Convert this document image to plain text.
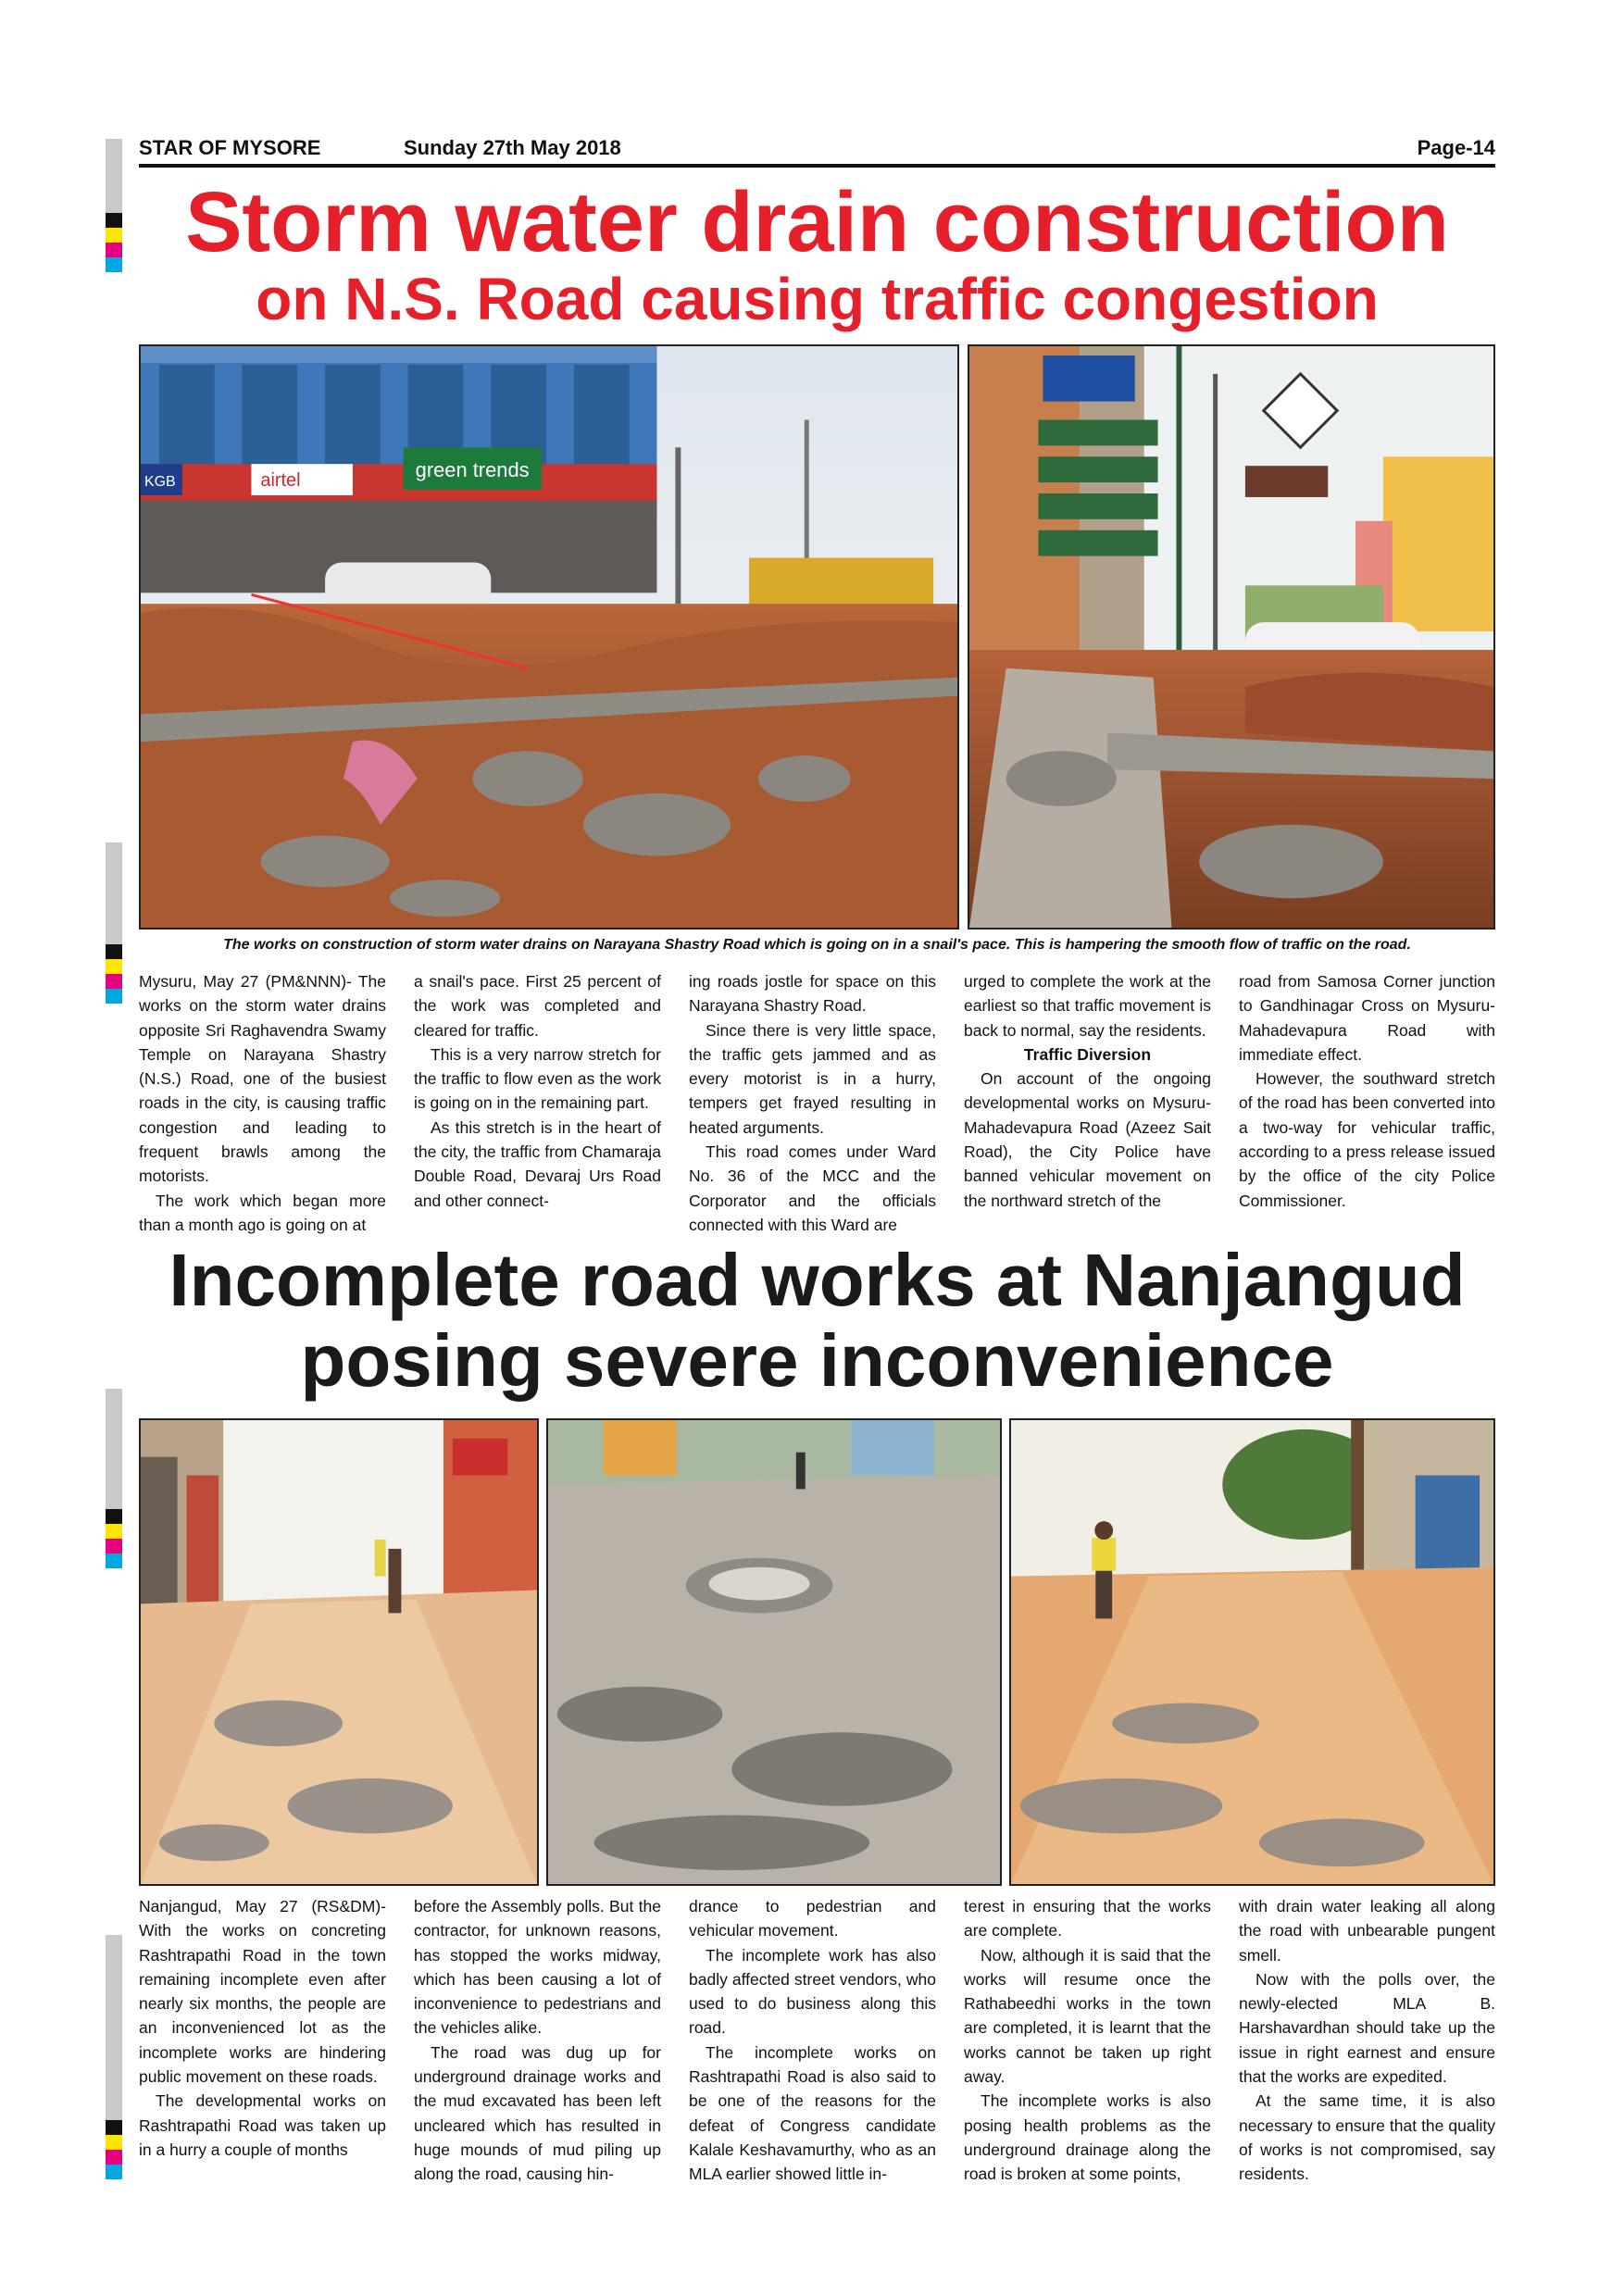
STAR OF MYSORE	Sunday 27th May 2018	Page-14
Storm water drain construction
on N.S. Road causing traffic congestion
green trends
airtel
KGB
The works on construction of storm water drains on Narayana Shastry Road which is going on in a snail's pace. This is hampering the smooth flow of traffic on the road.

Mysuru, May 27 (PM&NNN)- The works on the storm water drains opposite Sri Raghavendra Swamy Temple on Narayana Shastry (N.S.) Road, one of the busiest roads in the city, is causing traffic congestion and leading to frequent brawls among the motorists.

The work which began more than a month ago is going on at

a snail's pace. First 25 percent of the work was completed and cleared for traffic.

This is a very narrow stretch for the traffic to flow even as the work is going on in the remaining part.

As this stretch is in the heart of the city, the traffic from Chamaraja Double Road, Devaraj Urs Road and other connect-

ing roads jostle for space on this Narayana Shastry Road.

Since there is very little space, the traffic gets jammed and as every motorist is in a hurry, tempers get frayed resulting in heated arguments.

This road comes under Ward No. 36 of the MCC and the Corporator and the officials connected with this Ward are

urged to complete the work at the earliest so that traffic movement is back to normal, say the residents.

Traffic Diversion

On account of the ongoing developmental works on Mysuru-Mahadevapura Road (Azeez Sait Road), the City Police have banned vehicular movement on the northward stretch of the

road from Samosa Corner junction to Gandhinagar Cross on Mysuru-Mahadevapura Road with immediate effect.

However, the southward stretch of the road has been converted into a two-way for vehicular traffic, according to a press release issued by the office of the city Police Commissioner.

Incomplete road works at Nanjangud
posing severe inconvenience

Nanjangud, May 27 (RS&DM)- With the works on concreting Rashtrapathi Road in the town remaining incomplete even after nearly six months, the people are an inconvenienced lot as the incomplete works are hindering public movement on these roads.

The developmental works on Rashtrapathi Road was taken up in a hurry a couple of months

before the Assembly polls. But the contractor, for unknown reasons, has stopped the works midway, which has been causing a lot of inconvenience to pedestrians and the vehicles alike.

The road was dug up for underground drainage works and the mud excavated has been left uncleared which has resulted in huge mounds of mud piling up along the road, causing hin-

drance to pedestrian and vehicular movement.

The incomplete work has also badly affected street vendors, who used to do business along this road.

The incomplete works on Rashtrapathi Road is also said to be one of the reasons for the defeat of Congress candidate Kalale Keshavamurthy, who as an MLA earlier showed little in-

terest in ensuring that the works are complete.

Now, although it is said that the works will resume once the Rathabeedhi works in the town are completed, it is learnt that the works cannot be taken up right away.

The incomplete works is also posing health problems as the underground drainage along the road is broken at some points,

with drain water leaking all along the road with unbearable pungent smell.

Now with the polls over, the newly-elected MLA B. Harshavardhan should take up the issue in right earnest and ensure that the works are expedited.

At the same time, it is also necessary to ensure that the quality of works is not compromised, say residents.
